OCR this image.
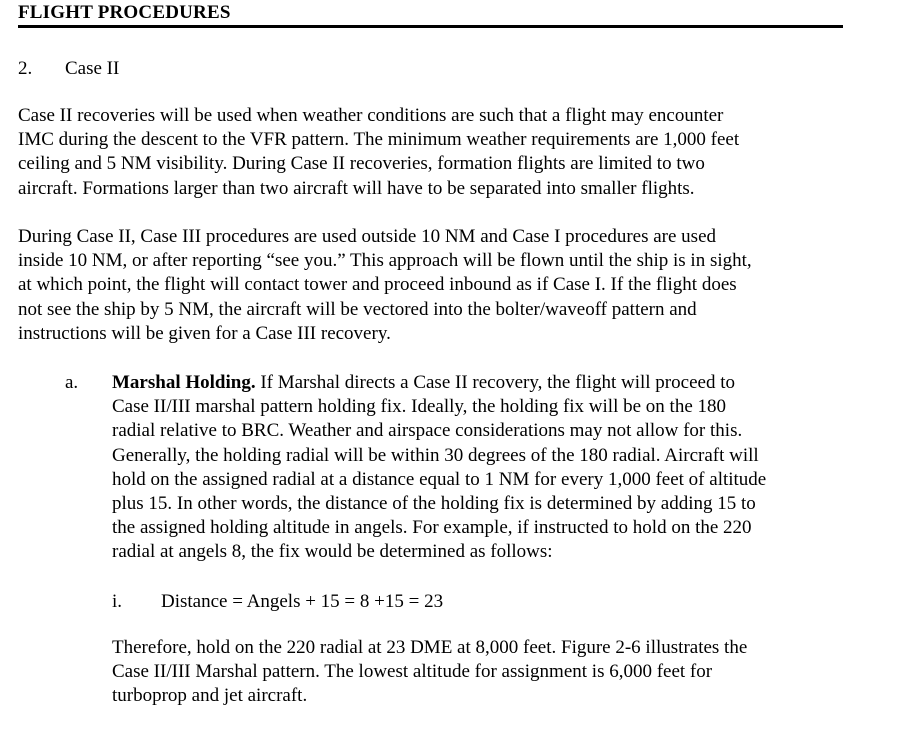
FLIGHT PROCEDURES
2. Case II
Case II recoveries will be used when weather conditions are such that a flight may encounter
IMC during the descent to the VFR pattern. The minimum weather requirements are 1,000 feet
ceiling and 5 NM visibility. During Case II recoveries, formation flights are limited to two
aircraft. Formations larger than two aircraft will have to be separated into smaller flights.
During Case II, Case III procedures are used outside 10 NM and Case I procedures are used
inside 10 NM, or after reporting “see you.” This approach will be flown until the ship is in sight,
at which point, the flight will contact tower and proceed inbound as if Case I. If the flight does
not see the ship by 5 NM, the aircraft will be vectored into the bolter/waveoff pattern and
instructions will be given for a Case III recovery.
a. Marshal Holding. If Marshal directs a Case II recovery, the flight will proceed to
Case II/III marshal pattern holding fix. Ideally, the holding fix will be on the 180
radial relative to BRC. Weather and airspace considerations may not allow for this.
Generally, the holding radial will be within 30 degrees of the 180 radial. Aircraft will
hold on the assigned radial at a distance equal to 1 NM for every 1,000 feet of altitude
plus 15. In other words, the distance of the holding fix is determined by adding 15 to
the assigned holding altitude in angels. For example, if instructed to hold on the 220
radial at angels 8, the fix would be determined as follows:
i. Distance = Angels + 15 = 8 +15 = 23
Therefore, hold on the 220 radial at 23 DME at 8,000 feet. Figure 2-6 illustrates the
Case II/III Marshal pattern. The lowest altitude for assignment is 6,000 feet for
turboprop and jet aircraft.
